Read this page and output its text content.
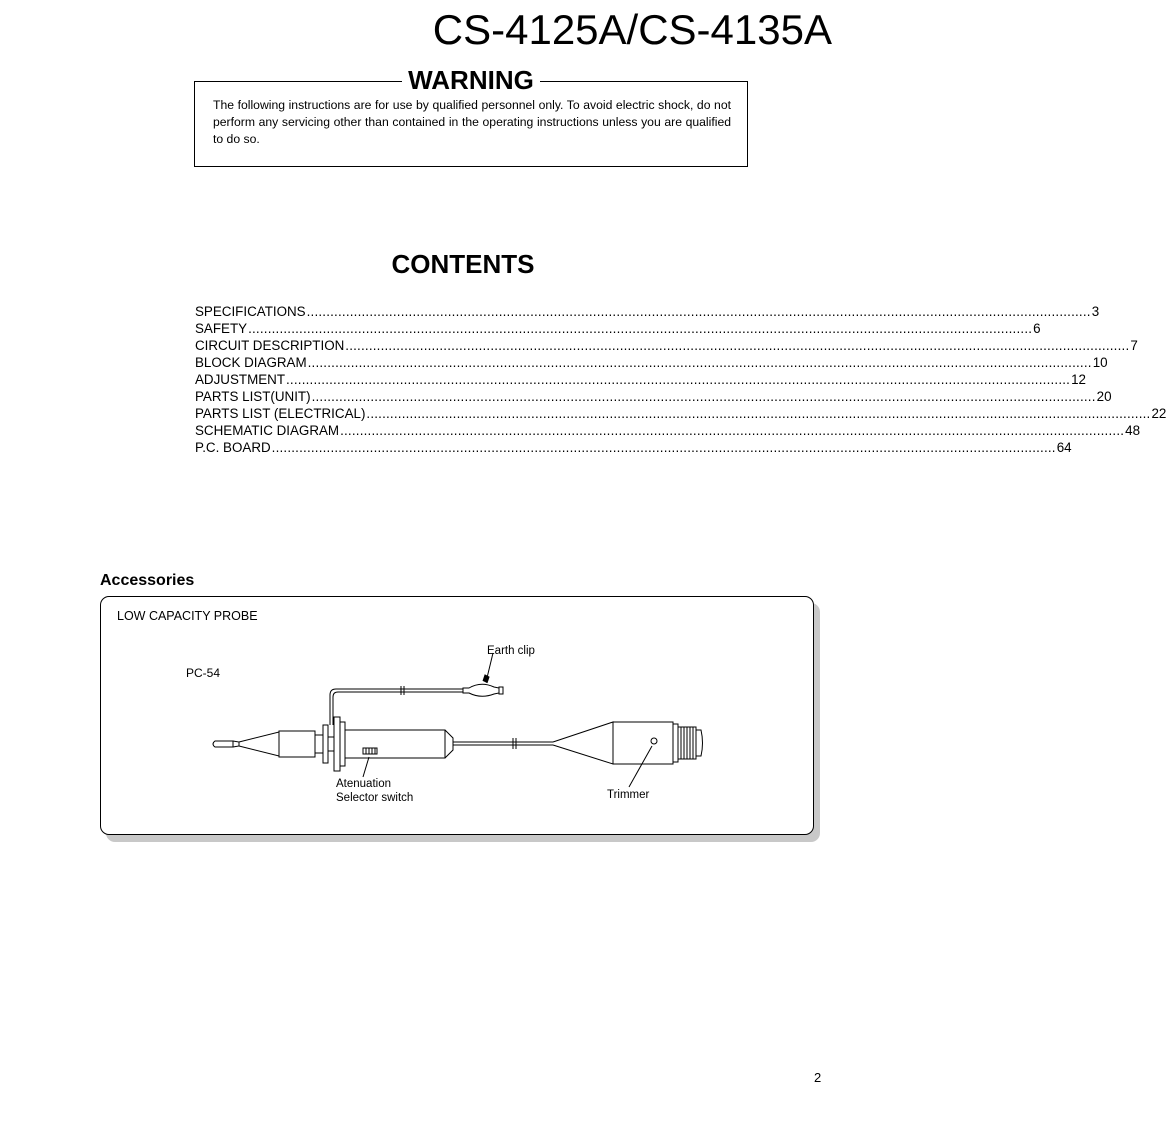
CS-4125A/CS-4135A
WARNING
The following instructions are for use by qualified personnel only. To avoid electric shock, do not perform any servicing other than contained in the operating instructions unless you are qualified to do so.
CONTENTS
SPECIFICATIONS ........................................................................................................................................................................................................ 3
SAFETY ........................................................................................................................................................................................................ 6
CIRCUIT DESCRIPTION ........................................................................................................................................................................................................ 7
BLOCK DIAGRAM ........................................................................................................................................................................................................ 10
ADJUSTMENT ........................................................................................................................................................................................................ 12
PARTS LIST(UNIT) ........................................................................................................................................................................................................ 20
PARTS LIST (ELECTRICAL) ........................................................................................................................................................................................................ 22
SCHEMATIC DIAGRAM ........................................................................................................................................................................................................ 48
P.C. BOARD ........................................................................................................................................................................................................ 64
Accessories
LOW CAPACITY PROBE
PC-54
Earth clip
Atenuation
Selector switch	Trimmer
2
